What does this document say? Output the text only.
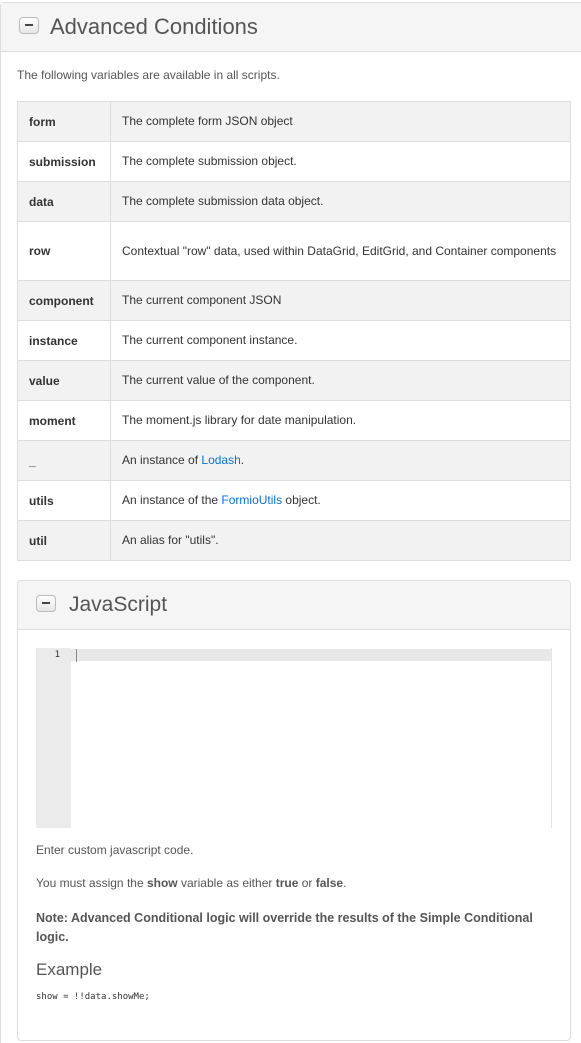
Advanced Conditions
The following variables are available in all scripts.
form	The complete form JSON object
submission	The complete submission object.
data	The complete submission data object.
row	Contextual "row" data, used within DataGrid, EditGrid, and Container components
component	The current component JSON
instance	The current component instance.
value	The current value of the component.
moment	The moment.js library for date manipulation.
_	An instance of Lodash.
utils	An instance of the FormioUtils object.
util	An alias for "utils".
JavaScript
1
Enter custom javascript code.
You must assign the show variable as either true or false.
Note: Advanced Conditional logic will override the results of the Simple Conditional logic.
Example
show = !!data.showMe;
